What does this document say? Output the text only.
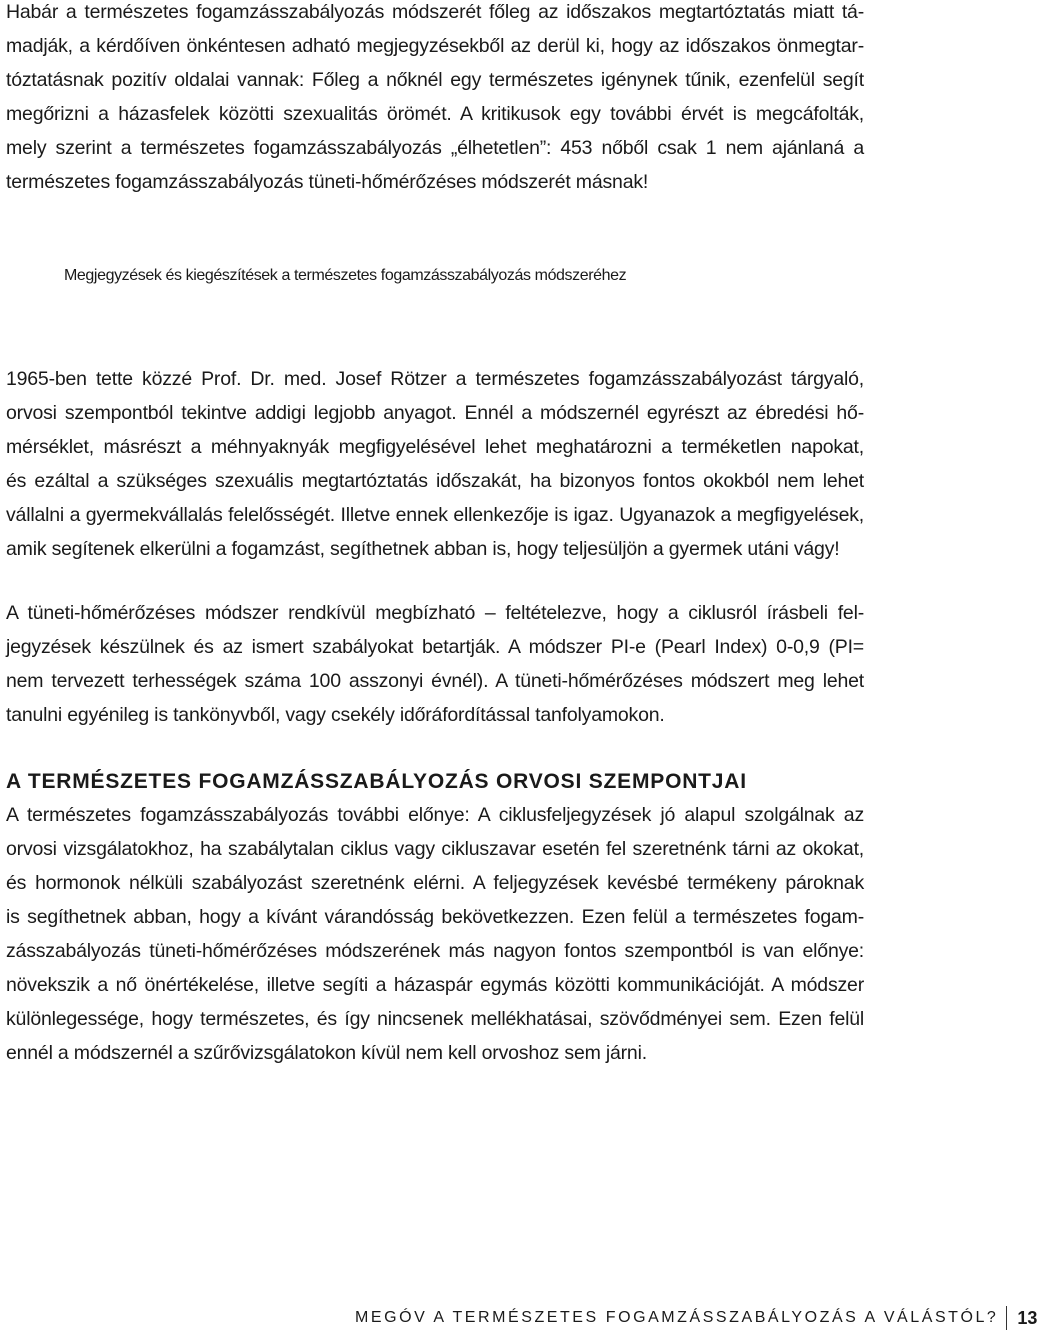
Habár a természetes fogamzásszabályozás módszerét főleg az időszakos megtartóztatás miatt tá-
madják, a kérdőíven önkéntesen adható megjegyzésekből az derül ki, hogy az időszakos önmegtar-
tóztatásnak pozitív oldalai vannak: Főleg a nőknél egy természetes igénynek tűnik, ezenfelül segít
megőrizni a házasfelek közötti szexualitás örömét. A kritikusok egy további érvét is megcáfolták,
mely szerint a természetes fogamzásszabályozás „élhetetlen”: 453 nőből csak 1 nem ajánlaná a
természetes fogamzásszabályozás tüneti-hőmérőzéses módszerét másnak!
Megjegyzések és kiegészítések a természetes fogamzásszabályozás módszeréhez
1965-ben tette közzé Prof. Dr. med. Josef Rötzer a természetes fogamzásszabályozást tárgyaló,
orvosi szempontból tekintve addigi legjobb anyagot. Ennél a módszernél egyrészt az ébredési hő-
mérséklet, másrészt a méhnyaknyák megfigyelésével lehet meghatározni a terméketlen napokat,
és ezáltal a szükséges szexuális megtartóztatás időszakát, ha bizonyos fontos okokból nem lehet
vállalni a gyermekvállalás felelősségét. Illetve ennek ellenkezője is igaz. Ugyanazok a megfigyelések,
amik segítenek elkerülni a fogamzást, segíthetnek abban is, hogy teljesüljön a gyermek utáni vágy!
A tüneti-hőmérőzéses módszer rendkívül megbízható – feltételezve, hogy a ciklusról írásbeli fel-
jegyzések készülnek és az ismert szabályokat betartják. A módszer PI-e (Pearl Index) 0-0,9 (PI=
nem tervezett terhességek száma 100 asszonyi évnél). A tüneti-hőmérőzéses módszert meg lehet
tanulni egyénileg is tankönyvből, vagy csekély időráfordítással tanfolyamokon.
A TERMÉSZETES FOGAMZÁSSZABÁLYOZÁS ORVOSI SZEMPONTJAI
A természetes fogamzásszabályozás további előnye: A ciklusfeljegyzések jó alapul szolgálnak az
orvosi vizsgálatokhoz, ha szabálytalan ciklus vagy cikluszavar esetén fel szeretnénk tárni az okokat,
és hormonok nélküli szabályozást szeretnénk elérni. A feljegyzések kevésbé termékeny pároknak
is segíthetnek abban, hogy a kívánt várandósság bekövetkezzen. Ezen felül a természetes fogam-
zásszabályozás tüneti-hőmérőzéses módszerének más nagyon fontos szempontból is van előnye:
növekszik a nő önértékelése, illetve segíti a házaspár egymás közötti kommunikációját. A módszer
különlegessége, hogy természetes, és így nincsenek mellékhatásai, szövődményei sem. Ezen felül
ennél a módszernél a szűrővizsgálatokon kívül nem kell orvoshoz sem járni.
MEGÓV A TERMÉSZETES FOGAMZÁSSZABÁLYOZÁS A VÁLÁSTÓL? 13
